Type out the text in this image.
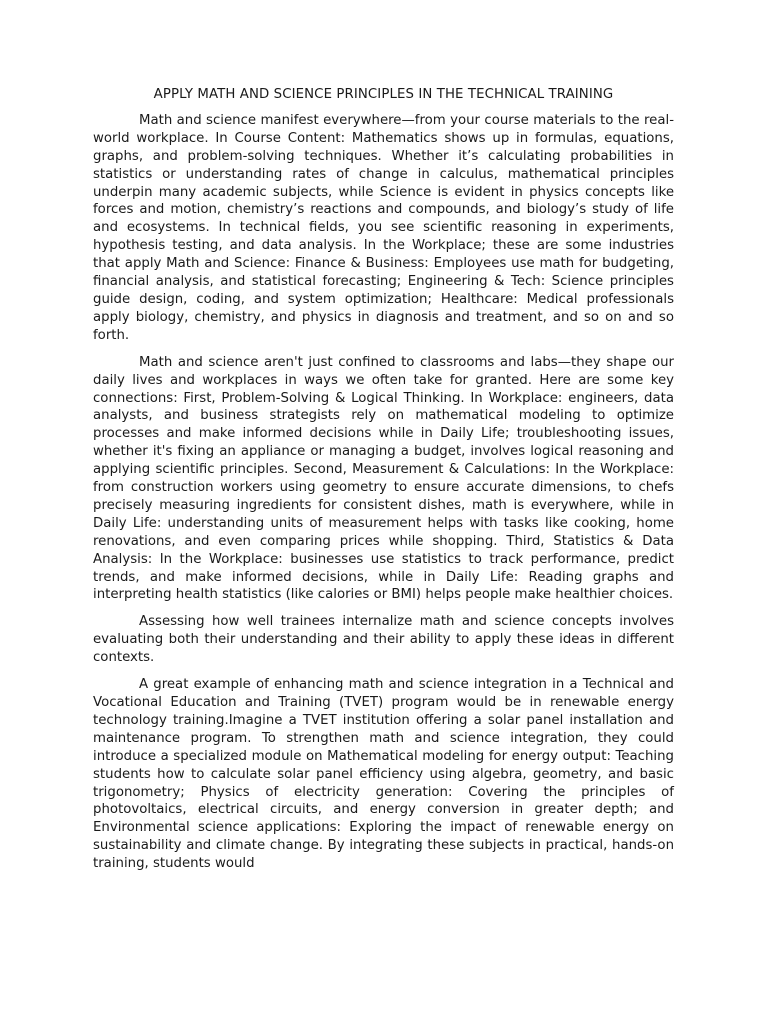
APPLY MATH AND SCIENCE PRINCIPLES IN THE TECHNICAL TRAINING

Math and science manifest everywhere—from your course materials to the real-world workplace. In Course Content: Mathematics shows up in formulas, equations, graphs, and problem-solving techniques. Whether it’s calculating probabilities in statistics or understanding rates of change in calculus, mathematical principles underpin many academic subjects, while Science is evident in physics concepts like forces and motion, chemistry’s reactions and compounds, and biology’s study of life and ecosystems. In technical fields, you see scientific reasoning in experiments, hypothesis testing, and data analysis. In the Workplace; these are some industries that apply Math and Science: Finance & Business: Employees use math for budgeting, financial analysis, and statistical forecasting; Engineering & Tech: Science principles guide design, coding, and system optimization; Healthcare: Medical professionals apply biology, chemistry, and physics in diagnosis and treatment, and so on and so forth.

Math and science aren't just confined to classrooms and labs—they shape our daily lives and workplaces in ways we often take for granted. Here are some key connections: First, Problem-Solving & Logical Thinking. In Workplace: engineers, data analysts, and business strategists rely on mathematical modeling to optimize processes and make informed decisions while in Daily Life; troubleshooting issues, whether it's fixing an appliance or managing a budget, involves logical reasoning and applying scientific principles. Second, Measurement & Calculations: In the Workplace: from construction workers using geometry to ensure accurate dimensions, to chefs precisely measuring ingredients for consistent dishes, math is everywhere, while in Daily Life: understanding units of measurement helps with tasks like cooking, home renovations, and even comparing prices while shopping. Third, Statistics & Data Analysis: In the Workplace: businesses use statistics to track performance, predict trends, and make informed decisions, while in Daily Life: Reading graphs and interpreting health statistics (like calories or BMI) helps people make healthier choices.

Assessing how well trainees internalize math and science concepts involves evaluating both their understanding and their ability to apply these ideas in different contexts.

A great example of enhancing math and science integration in a Technical and Vocational Education and Training (TVET) program would be in renewable energy technology training.Imagine a TVET institution offering a solar panel installation and maintenance program. To strengthen math and science integration, they could introduce a specialized module on Mathematical modeling for energy output: Teaching students how to calculate solar panel efficiency using algebra, geometry, and basic trigonometry; Physics of electricity generation: Covering the principles of photovoltaics, electrical circuits, and energy conversion in greater depth; and Environmental science applications: Exploring the impact of renewable energy on sustainability and climate change. By integrating these subjects in practical, hands-on training, students would
